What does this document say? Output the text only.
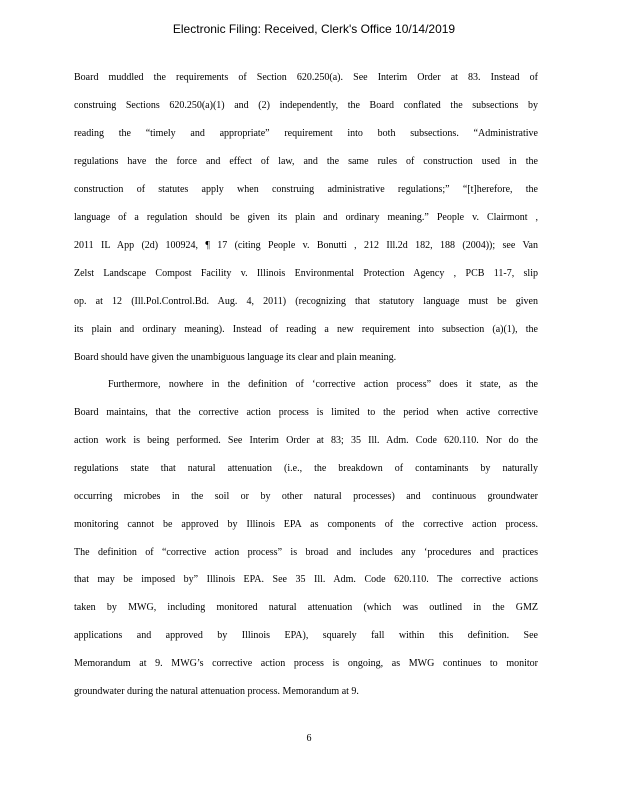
Electronic Filing: Received, Clerk's Office 10/14/2019
Board muddled the requirements of Section 620.250(a). See Interim Order at 83. Instead of
construing Sections 620.250(a)(1) and (2) independently, the Board conflated the subsections by
reading the “timely and appropriate” requirement into both subsections. “Administrative
regulations have the force and effect of law, and the same rules of construction used in the
construction of statutes apply when construing administrative regulations;” “[t]herefore, the
language of a regulation should be given its plain and ordinary meaning.” People v. Clairmont ,
2011 IL App (2d) 100924, ¶ 17 (citing People v. Bonutti , 212 Ill.2d 182, 188 (2004)); see Van
Zelst Landscape Compost Facility v. Illinois Environmental Protection Agency , PCB 11-7, slip
op. at 12 (Ill.Pol.Control.Bd. Aug. 4, 2011) (recognizing that statutory language must be given
its plain and ordinary meaning). Instead of reading a new requirement into subsection (a)(1), the
Board should have given the unambiguous language its clear and plain meaning.
Furthermore, nowhere in the definition of ‘corrective action process” does it state, as the
Board maintains, that the corrective action process is limited to the period when active corrective
action work is being performed. See Interim Order at 83; 35 Ill. Adm. Code 620.110. Nor do the
regulations state that natural attenuation (i.e., the breakdown of contaminants by naturally
occurring microbes in the soil or by other natural processes) and continuous groundwater
monitoring cannot be approved by Illinois EPA as components of the corrective action process.
The definition of “corrective action process” is broad and includes any ‘procedures and practices
that may be imposed by” Illinois EPA. See 35 Ill. Adm. Code 620.110. The corrective actions
taken by MWG, including monitored natural attenuation (which was outlined in the GMZ
applications and approved by Illinois EPA), squarely fall within this definition. See
Memorandum at 9. MWG’s corrective action process is ongoing, as MWG continues to monitor
groundwater during the natural attenuation process. Memorandum at 9.
6
